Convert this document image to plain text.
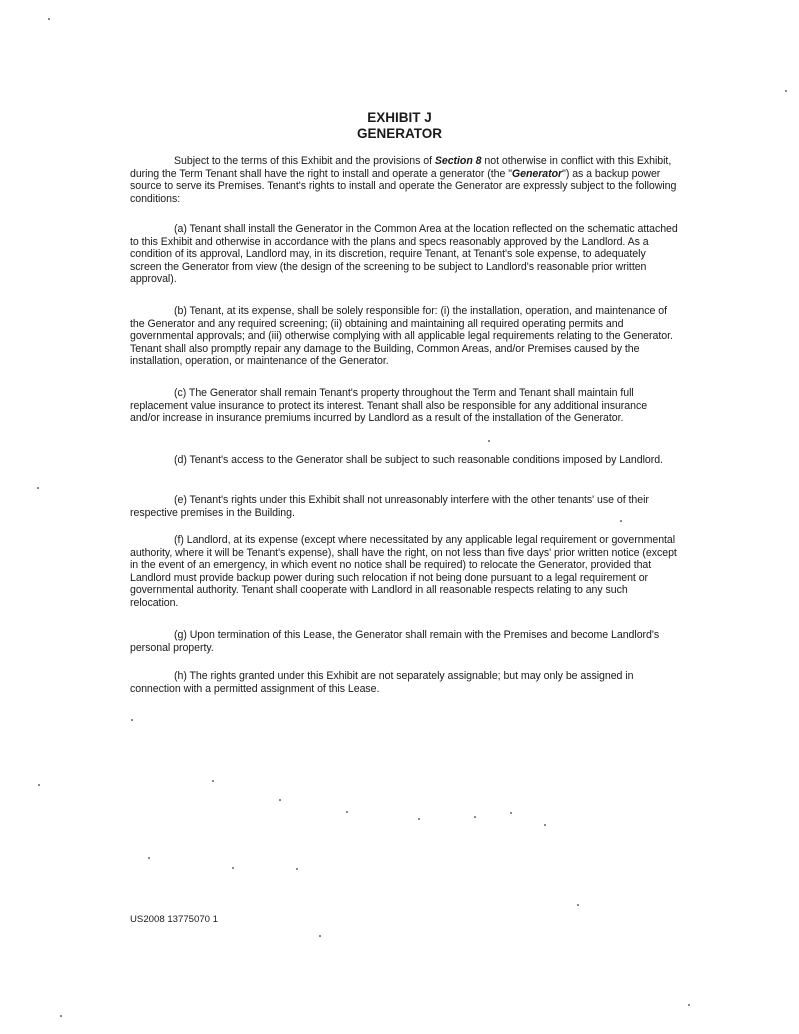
EXHIBIT J
GENERATOR
Subject to the terms of this Exhibit and the provisions of Section 8 not otherwise in conflict with this Exhibit, during the Term Tenant shall have the right to install and operate a generator (the "Generator") as a backup power source to serve its Premises. Tenant's rights to install and operate the Generator are expressly subject to the following conditions:
(a) Tenant shall install the Generator in the Common Area at the location reflected on the schematic attached to this Exhibit and otherwise in accordance with the plans and specs reasonably approved by the Landlord. As a condition of its approval, Landlord may, in its discretion, require Tenant, at Tenant's sole expense, to adequately screen the Generator from view (the design of the screening to be subject to Landlord's reasonable prior written approval).
(b) Tenant, at its expense, shall be solely responsible for: (i) the installation, operation, and maintenance of the Generator and any required screening; (ii) obtaining and maintaining all required operating permits and governmental approvals; and (iii) otherwise complying with all applicable legal requirements relating to the Generator. Tenant shall also promptly repair any damage to the Building, Common Areas, and/or Premises caused by the installation, operation, or maintenance of the Generator.
(c) The Generator shall remain Tenant's property throughout the Term and Tenant shall maintain full replacement value insurance to protect its interest. Tenant shall also be responsible for any additional insurance and/or increase in insurance premiums incurred by Landlord as a result of the installation of the Generator.
(d) Tenant's access to the Generator shall be subject to such reasonable conditions imposed by Landlord.
(e) Tenant's rights under this Exhibit shall not unreasonably interfere with the other tenants' use of their respective premises in the Building.
(f) Landlord, at its expense (except where necessitated by any applicable legal requirement or governmental authority, where it will be Tenant's expense), shall have the right, on not less than five days' prior written notice (except in the event of an emergency, in which event no notice shall be required) to relocate the Generator, provided that Landlord must provide backup power during such relocation if not being done pursuant to a legal requirement or governmental authority. Tenant shall cooperate with Landlord in all reasonable respects relating to any such relocation.
(g) Upon termination of this Lease, the Generator shall remain with the Premises and become Landlord's personal property.
(h) The rights granted under this Exhibit are not separately assignable; but may only be assigned in connection with a permitted assignment of this Lease.
US2008 13775070 1
